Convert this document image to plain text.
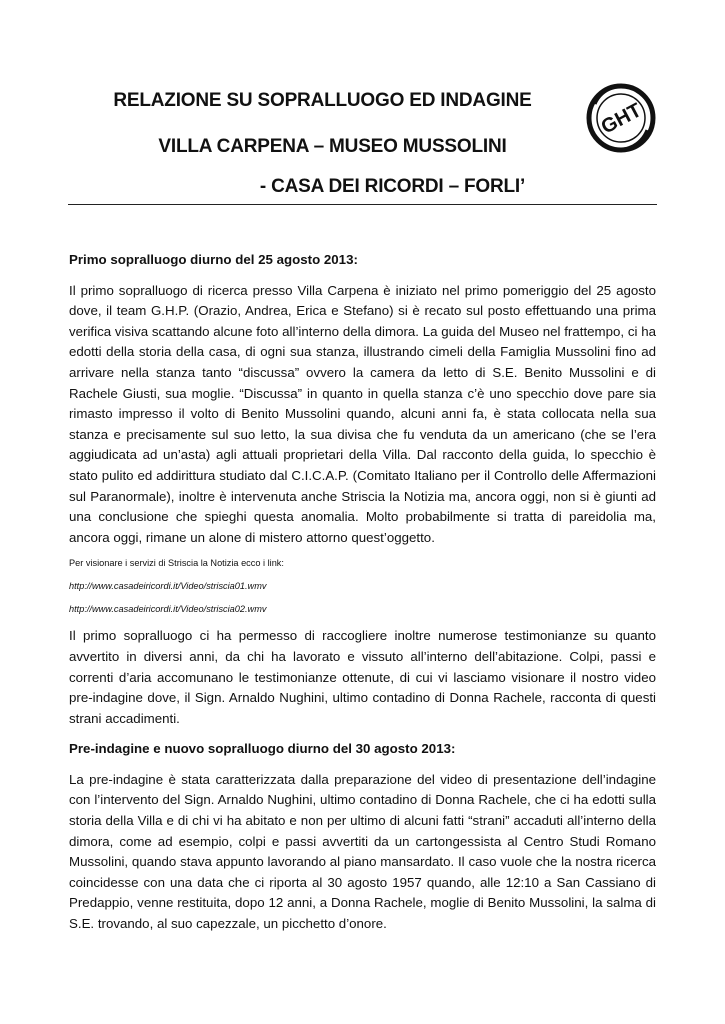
RELAZIONE SU SOPRALLUOGO ED INDAGINE
VILLA CARPENA – MUSEO MUSSOLINI
- CASA DEI RICORDI – FORLI’
GHT

Primo sopralluogo diurno del 25 agosto 2013:

Il primo sopralluogo di ricerca presso Villa Carpena è iniziato nel primo pomeriggio del 25 agosto dove, il team G.H.P. (Orazio, Andrea, Erica e Stefano) si è recato sul posto effettuando una prima verifica visiva scattando alcune foto all’interno della dimora. La guida del Museo nel frattempo, ci ha edotti della storia della casa, di ogni sua stanza, illustrando cimeli della Famiglia Mussolini fino ad arrivare nella stanza tanto “discussa” ovvero la camera da letto di S.E. Benito Mussolini e di Rachele Giusti, sua moglie. “Discussa” in quanto in quella stanza c’è uno specchio dove pare sia rimasto impresso il volto di Benito Mussolini quando, alcuni anni fa, è stata collocata nella sua stanza e precisamente sul suo letto, la sua divisa che fu venduta da un americano (che se l’era aggiudicata ad un’asta) agli attuali proprietari della Villa. Dal racconto della guida, lo specchio è stato pulito ed addirittura studiato dal C.I.C.A.P. (Comitato Italiano per il Controllo delle Affermazioni sul Paranormale), inoltre è intervenuta anche Striscia la Notizia ma, ancora oggi, non si è giunti ad una conclusione che spieghi questa anomalia. Molto probabilmente si tratta di pareidolia ma, ancora oggi, rimane un alone di mistero attorno quest’oggetto.

Per visionare i servizi di Striscia la Notizia ecco i link:

http://www.casadeiricordi.it/Video/striscia01.wmv

http://www.casadeiricordi.it/Video/striscia02.wmv

Il primo sopralluogo ci ha permesso di raccogliere inoltre numerose testimonianze su quanto avvertito in diversi anni, da chi ha lavorato e vissuto all’interno dell’abitazione. Colpi, passi e correnti d’aria accomunano le testimonianze ottenute, di cui vi lasciamo visionare il nostro video pre-indagine dove, il Sign. Arnaldo Nughini, ultimo contadino di Donna Rachele, racconta di questi strani accadimenti.

Pre-indagine e nuovo sopralluogo diurno del 30 agosto 2013:

La pre-indagine è stata caratterizzata dalla preparazione del video di presentazione dell’indagine con l’intervento del Sign. Arnaldo Nughini, ultimo contadino di Donna Rachele, che ci ha edotti sulla storia della Villa e di chi vi ha abitato e non per ultimo di alcuni fatti “strani” accaduti all’interno della dimora, come ad esempio, colpi e passi avvertiti da un cartongessista al Centro Studi Romano Mussolini, quando stava appunto lavorando al piano mansardato. Il caso vuole che la nostra ricerca coincidesse con una data che ci riporta al 30 agosto 1957 quando, alle 12:10 a San Cassiano di Predappio, venne restituita, dopo 12 anni, a Donna Rachele, moglie di Benito Mussolini, la salma di S.E. trovando, al suo capezzale, un picchetto d’onore.
